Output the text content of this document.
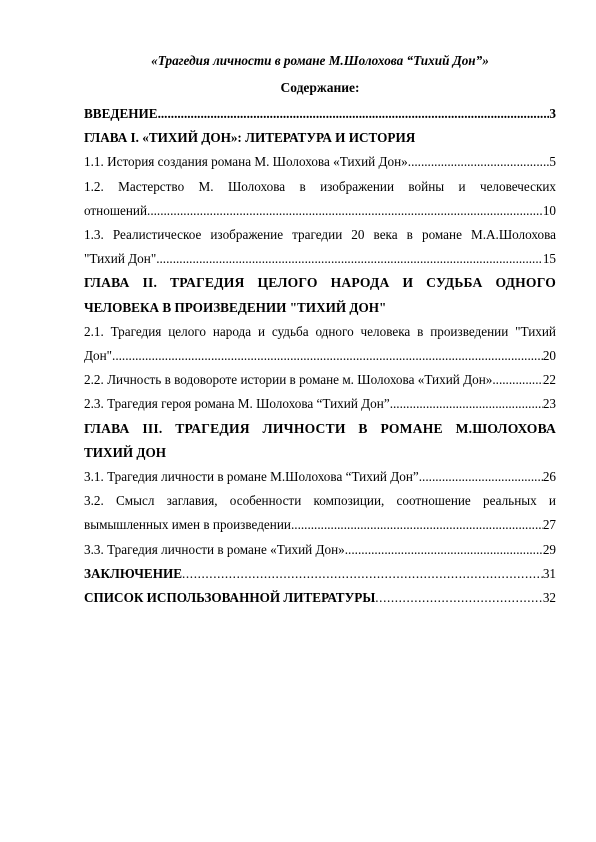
«Трагедия личности в романе М.Шолохова “Тихий Дон”»
Содержание:
ВВЕДЕНИЕ .....	3
ГЛАВА I. «ТИХИЙ ДОН»: ЛИТЕРАТУРА И ИСТОРИЯ
1.1. История создания романа М. Шолохова «Тихий Дон» .....	5
1.2. Мастерство М. Шолохова в изображении войны и человеческих
отношений .....	10
1.3. Реалистическое изображение трагедии 20 века в романе М.А.Шолохова
"Тихий Дон" .....	15
ГЛАВА II. ТРАГЕДИЯ ЦЕЛОГО НАРОДА И СУДЬБА ОДНОГО
ЧЕЛОВЕКА В ПРОИЗВЕДЕНИИ "ТИХИЙ ДОН"
2.1. Трагедия целого народа и судьба одного человека в произведении "Тихий
Дон" .....	20
2.2. Личность в водовороте истории в романе м. Шолохова «Тихий Дон» .....	22
2.3. Трагедия героя романа М. Шолохова “Тихий Дон” .....	23
ГЛАВА III. ТРАГЕДИЯ ЛИЧНОСТИ В РОМАНЕ М.ШОЛОХОВА
ТИХИЙ ДОН
3.1. Трагедия личности в романе М.Шолохова “Тихий Дон” .....	26
3.2. Смысл заглавия, особенности композиции, соотношение реальных и
вымышленных имен в произведении .....	27
3.3. Трагедия личности в романе «Тихий Дон» .....	29
ЗАКЛЮЧЕНИЕ .....	31
СПИСОК ИСПОЛЬЗОВАННОЙ ЛИТЕРАТУРЫ .....	32
